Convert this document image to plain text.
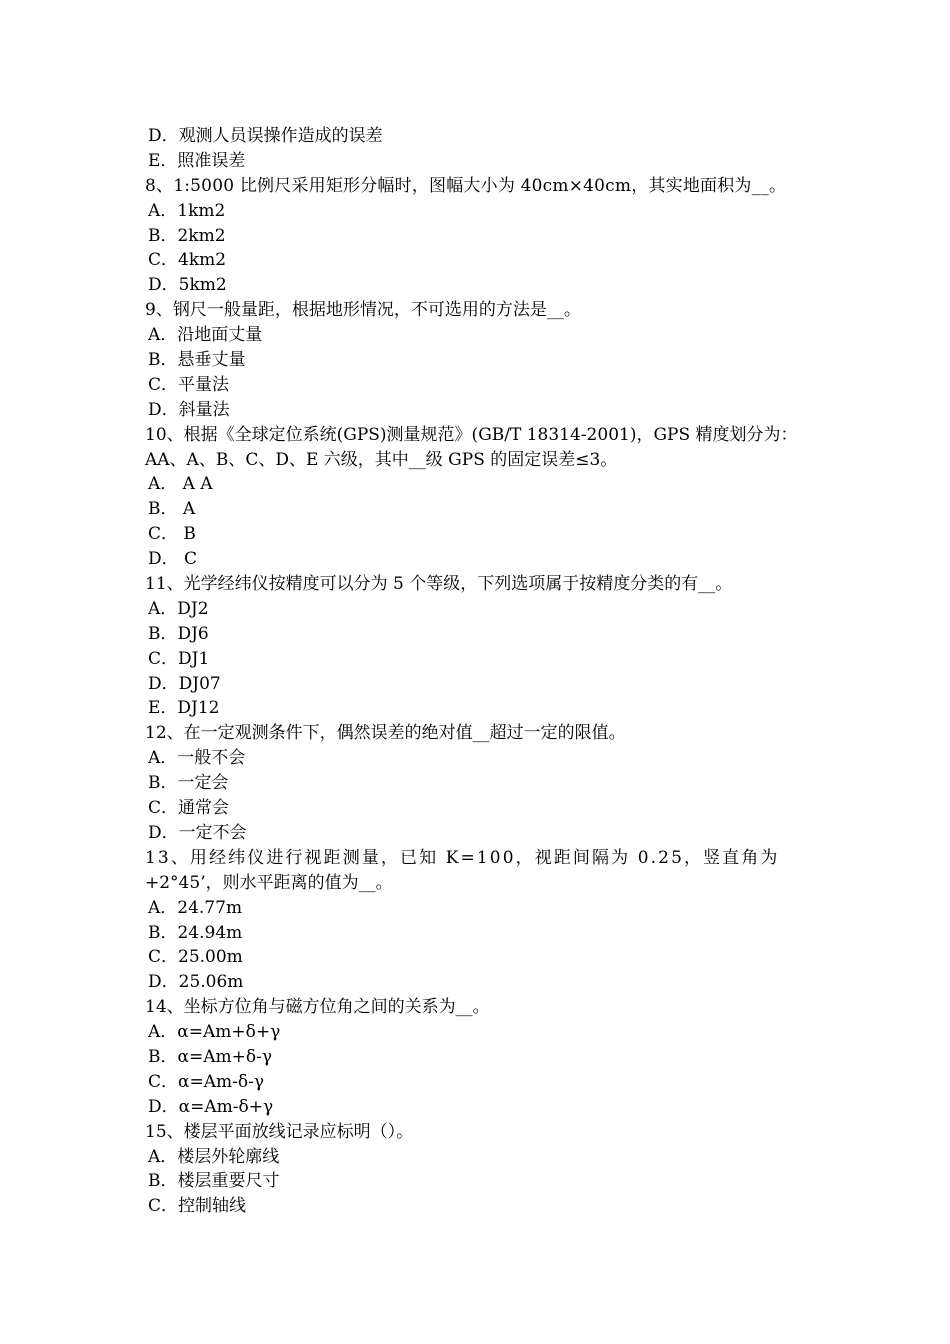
D．观测人员误操作造成的误差
E．照准误差
8、1:5000 比例尺采用矩形分幅时，图幅大小为 40cm×40cm，其实地面积为__。
A．1km2
B．2km2
C．4km2
D．5km2
9、钢尺一般量距，根据地形情况，不可选用的方法是__。
A．沿地面丈量
B．悬垂丈量
C．平量法
D．斜量法
10、根据《全球定位系统(GPS)测量规范》(GB/T 18314-2001)，GPS 精度划分为：
AA、A、B、C、D、E 六级，其中__级 GPS 的固定误差≤3。
A． A A
B． A
C． B
D． C
11、光学经纬仪按精度可以分为 5 个等级，下列选项属于按精度分类的有__。
A．DJ2
B．DJ6
C．DJ1
D．DJ07
E．DJ12
12、在一定观测条件下，偶然误差的绝对值__超过一定的限值。
A．一般不会
B．一定会
C．通常会
D．一定不会
13、用经纬仪进行视距测量，已知 K=100，视距间隔为 0.25，竖直角为
+2°45’，则水平距离的值为__。
A．24.77m
B．24.94m
C．25.00m
D．25.06m
14、坐标方位角与磁方位角之间的关系为__。
A．α=Am+δ+γ
B．α=Am+δ-γ
C．α=Am-δ-γ
D．α=Am-δ+γ
15、楼层平面放线记录应标明（）。
A．楼层外轮廓线
B．楼层重要尺寸
C．控制轴线
